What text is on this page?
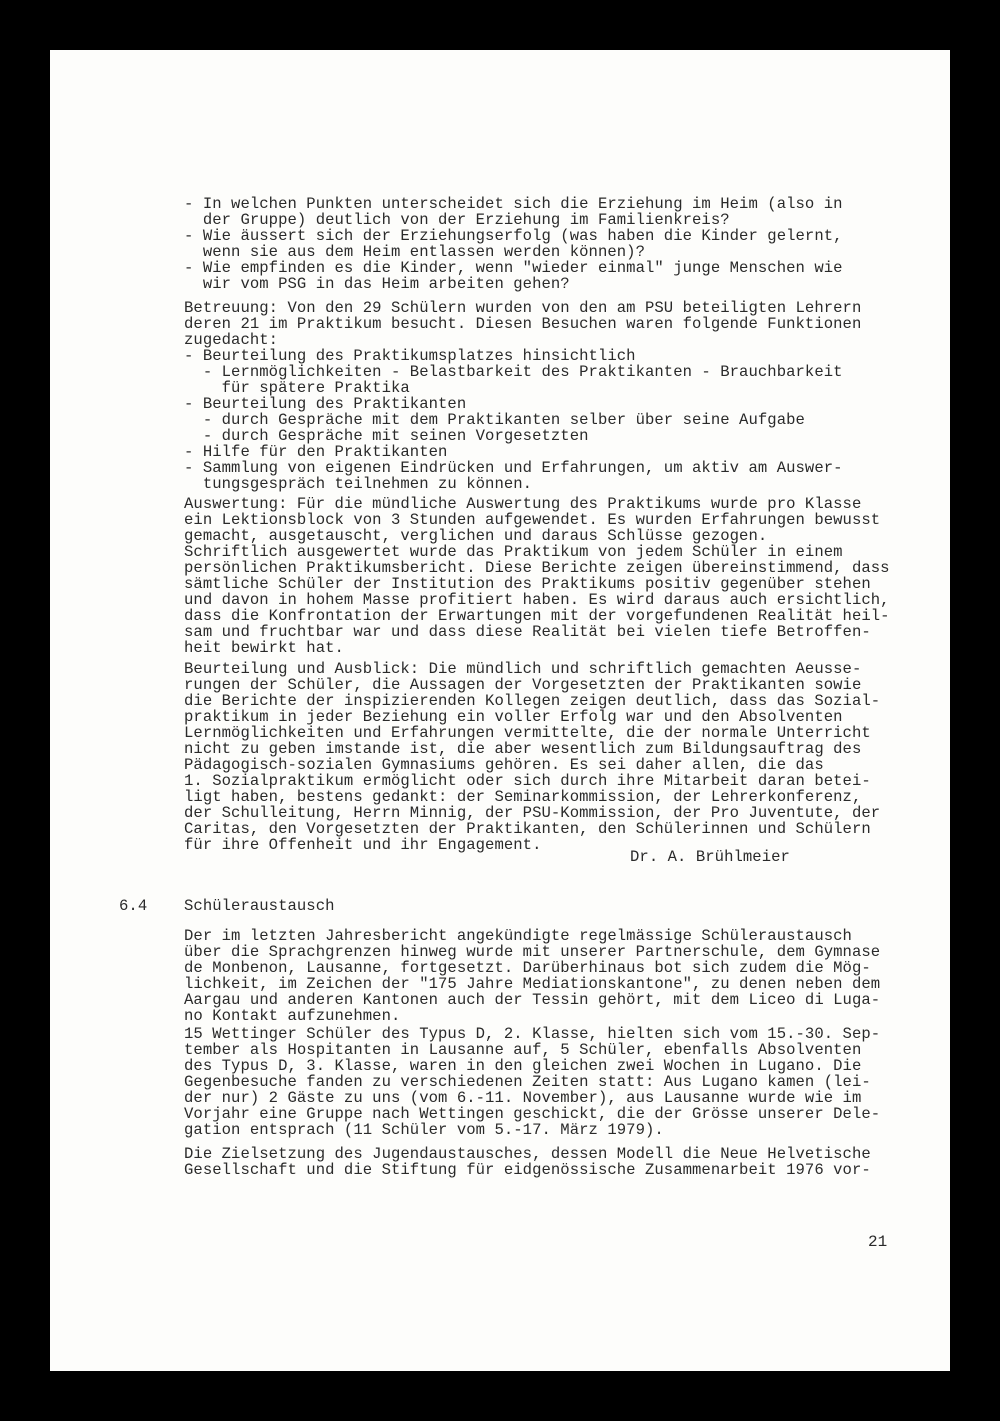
- In welchen Punkten unterscheidet sich die Erziehung im Heim (also in
der Gruppe) deutlich von der Erziehung im Familienkreis?
- Wie äussert sich der Erziehungserfolg (was haben die Kinder gelernt,
wenn sie aus dem Heim entlassen werden können)?
- Wie empfinden es die Kinder, wenn "wieder einmal" junge Menschen wie
wir vom PSG in das Heim arbeiten gehen?
Betreuung: Von den 29 Schülern wurden von den am PSU beteiligten Lehrern
deren 21 im Praktikum besucht. Diesen Besuchen waren folgende Funktionen
zugedacht:
- Beurteilung des Praktikumsplatzes hinsichtlich
- Lernmöglichkeiten - Belastbarkeit des Praktikanten - Brauchbarkeit
für spätere Praktika
- Beurteilung des Praktikanten
- durch Gespräche mit dem Praktikanten selber über seine Aufgabe
- durch Gespräche mit seinen Vorgesetzten
- Hilfe für den Praktikanten
- Sammlung von eigenen Eindrücken und Erfahrungen, um aktiv am Auswer-
tungsgespräch teilnehmen zu können.
Auswertung: Für die mündliche Auswertung des Praktikums wurde pro Klasse
ein Lektionsblock von 3 Stunden aufgewendet. Es wurden Erfahrungen bewusst
gemacht, ausgetauscht, verglichen und daraus Schlüsse gezogen.
Schriftlich ausgewertet wurde das Praktikum von jedem Schüler in einem
persönlichen Praktikumsbericht. Diese Berichte zeigen übereinstimmend, dass
sämtliche Schüler der Institution des Praktikums positiv gegenüber stehen
und davon in hohem Masse profitiert haben. Es wird daraus auch ersichtlich,
dass die Konfrontation der Erwartungen mit der vorgefundenen Realität heil-
sam und fruchtbar war und dass diese Realität bei vielen tiefe Betroffen-
heit bewirkt hat.
Beurteilung und Ausblick: Die mündlich und schriftlich gemachten Aeusse-
rungen der Schüler, die Aussagen der Vorgesetzten der Praktikanten sowie
die Berichte der inspizierenden Kollegen zeigen deutlich, dass das Sozial-
praktikum in jeder Beziehung ein voller Erfolg war und den Absolventen
Lernmöglichkeiten und Erfahrungen vermittelte, die der normale Unterricht
nicht zu geben imstande ist, die aber wesentlich zum Bildungsauftrag des
Pädagogisch-sozialen Gymnasiums gehören. Es sei daher allen, die das
1. Sozialpraktikum ermöglicht oder sich durch ihre Mitarbeit daran betei-
ligt haben, bestens gedankt: der Seminarkommission, der Lehrerkonferenz,
der Schulleitung, Herrn Minnig, der PSU-Kommission, der Pro Juventute, der
Caritas, den Vorgesetzten der Praktikanten, den Schülerinnen und Schülern
für ihre Offenheit und ihr Engagement.
Dr. A. Brühlmeier
6.4 Schüleraustausch
Der im letzten Jahresbericht angekündigte regelmässige Schüleraustausch
über die Sprachgrenzen hinweg wurde mit unserer Partnerschule, dem Gymnase
de Monbenon, Lausanne, fortgesetzt. Darüberhinaus bot sich zudem die Mög-
lichkeit, im Zeichen der "175 Jahre Mediationskantone", zu denen neben dem
Aargau und anderen Kantonen auch der Tessin gehört, mit dem Liceo di Luga-
no Kontakt aufzunehmen.
15 Wettinger Schüler des Typus D, 2. Klasse, hielten sich vom 15.-30. Sep-
tember als Hospitanten in Lausanne auf, 5 Schüler, ebenfalls Absolventen
des Typus D, 3. Klasse, waren in den gleichen zwei Wochen in Lugano. Die
Gegenbesuche fanden zu verschiedenen Zeiten statt: Aus Lugano kamen (lei-
der nur) 2 Gäste zu uns (vom 6.-11. November), aus Lausanne wurde wie im
Vorjahr eine Gruppe nach Wettingen geschickt, die der Grösse unserer Dele-
gation entsprach (11 Schüler vom 5.-17. März 1979).
Die Zielsetzung des Jugendaustausches, dessen Modell die Neue Helvetische
Gesellschaft und die Stiftung für eidgenössische Zusammenarbeit 1976 vor-
21
